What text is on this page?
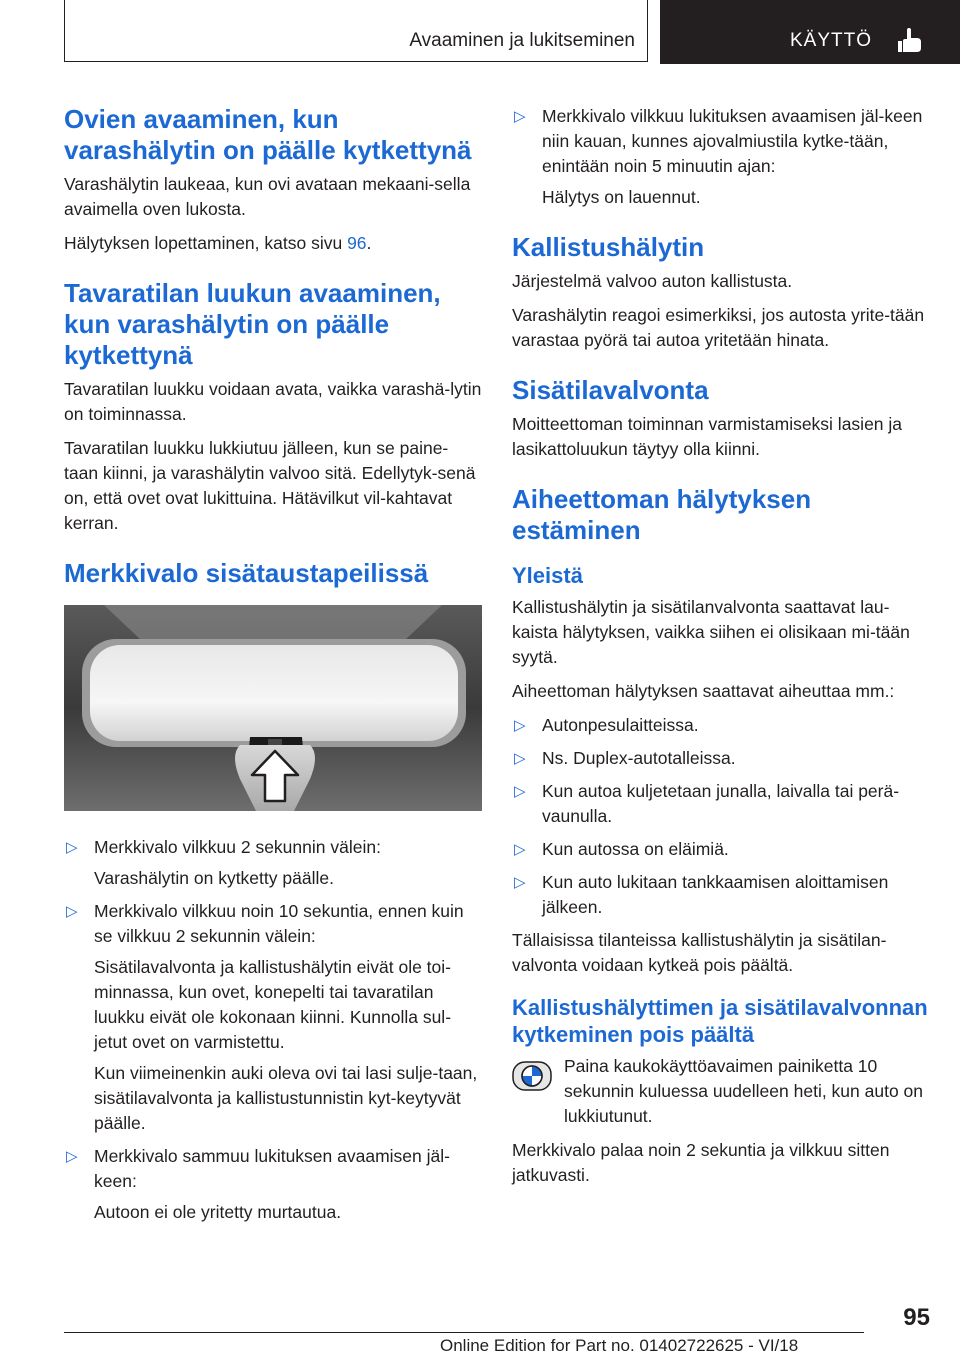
Avaaminen ja lukitseminen	KÄYTTÖ
Ovien avaaminen, kun varashälytin on päälle kytkettynä

Varashälytin laukeaa, kun ovi avataan mekaani‐sella avaimella oven lukosta.

Hälytyksen lopettaminen, katso sivu 96.

Tavaratilan luukun avaaminen, kun varashälytin on päälle kytkettynä

Tavaratilan luukku voidaan avata, vaikka varashä‐lytin on toiminnassa.

Tavaratilan luukku lukkiutuu jälleen, kun se paine‐taan kiinni, ja varashälytin valvoo sitä. Edellytyk‐senä on, että ovet ovat lukittuina. Hätävilkut vil‐kahtavat kerran.

Merkkivalo sisätaustapeilissä
▷ Merkkivalo vilkkuu 2 sekunnin välein:

Varashälytin on kytketty päälle.

▷ Merkkivalo vilkkuu noin 10 sekuntia, ennen kuin se vilkkuu 2 sekunnin välein:

Sisätilavalvonta ja kallistushälytin eivät ole toi‐minnassa, kun ovet, konepelti tai tavaratilan luukku eivät ole kokonaan kiinni. Kunnolla sul‐jetut ovet on varmistettu.

Kun viimeinenkin auki oleva ovi tai lasi sulje‐taan, sisätilavalvonta ja kallistustunnistin kyt‐keytyvät päälle.

▷ Merkkivalo sammuu lukituksen avaamisen jäl‐keen:

Autoon ei ole yritetty murtautua.

▷ Merkkivalo vilkkuu lukituksen avaamisen jäl‐keen niin kauan, kunnes ajovalmiustila kytke‐tään, enintään noin 5 minuutin ajan:

Hälytys on lauennut.

Kallistushälytin

Järjestelmä valvoo auton kallistusta.

Varashälytin reagoi esimerkiksi, jos autosta yrite‐tään varastaa pyörä tai autoa yritetään hinata.

Sisätilavalvonta

Moitteettoman toiminnan varmistamiseksi lasien ja lasikattoluukun täytyy olla kiinni.

Aiheettoman hälytyksen estäminen
Yleistä

Kallistushälytin ja sisätilanvalvonta saattavat lau‐kaista hälytyksen, vaikka siihen ei olisikaan mi‐tään syytä.

Aiheettoman hälytyksen saattavat aiheuttaa mm.:

▷ Autonpesulaitteissa.
▷ Ns. Duplex-autotalleissa.
▷ Kun autoa kuljetetaan junalla, laivalla tai perä‐vaunulla.
▷ Kun autossa on eläimiä.
▷ Kun auto lukitaan tankkaamisen aloittamisen jälkeen.

Tällaisissa tilanteissa kallistushälytin ja sisätilan‐valvonta voidaan kytkeä pois päältä.

Kallistushälyttimen ja sisätilavalvonnan kytkeminen pois päältä

Paina kaukokäyttöavaimen painiketta 10 sekunnin kuluessa uudelleen heti, kun auto on lukkiutunut.

Merkkivalo palaa noin 2 sekuntia ja vilkkuu sitten jatkuvasti.

95
Online Edition for Part no. 01402722625 - VI/18
